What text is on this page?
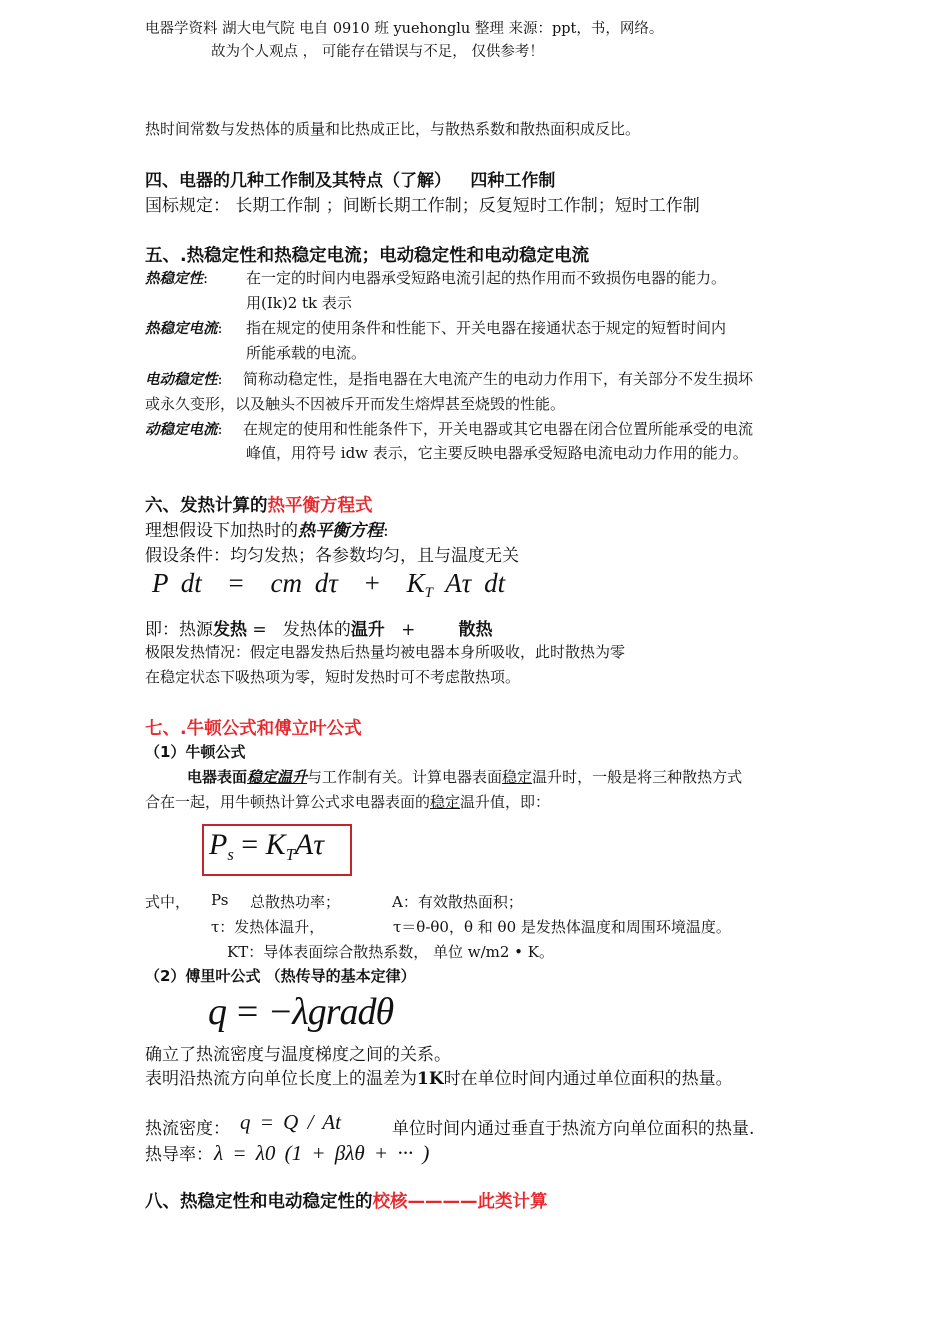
电器学资料 湖大电气院 电自 0910 班 yuehonglu 整理 来源：ppt，书，网络。
故为个人观点 ， 可能存在错误与不足， 仅供参考！
热时间常数与发热体的质量和比热成正比，与散热系数和散热面积成反比。
四、电器的几种工作制及其特点（了解） 四种工作制
国标规定： 长期工作制 ；间断长期工作制；反复短时工作制；短时工作制
五、.热稳定性和热稳定电流；电动稳定性和电动稳定电流
热稳定性:	在一定的时间内电器承受短路电流引起的热作用而不致损伤电器的能力。
用(Ik)2 tk 表示
热稳定电流: 指在规定的使用条件和性能下、开关电器在接通状态于规定的短暂时间内
所能承载的电流。
电动稳定性: 简称动稳定性，是指电器在大电流产生的电动力作用下，有关部分不发生损坏
或永久变形，以及触头不因被斥开而发生熔焊甚至烧毁的性能。
动稳定电流: 在规定的使用和性能条件下，开关电器或其它电器在闭合位置所能承受的电流
峰值，用符号 idw 表示，它主要反映电器承受短路电流电动力作用的能力。
六、发热计算的热平衡方程式
理想假设下加热时的热平衡方程:
假设条件：均匀发热；各参数均匀，且与温度无关
P dt = cm $d\tau + K_T$ Aτ dt
即：热源发热 =   发热体的温升   +        散热
极限发热情况：假定电器发热后热量均被电器本身所吸收，此时散热为零
在稳定状态下吸热项为零，短时发热时可不考虑散热项。
七、.牛顿公式和傅立叶公式
（1）牛顿公式
电器表面稳定温升与工作制有关。计算电器表面稳定温升时，一般是将三种散热方式
合在一起，用牛顿热计算公式求电器表面的稳定温升值，即：
$P_s = K_TA\tau$
式中， Ps 总散热功率；	A：有效散热面积；
τ：发热体温升，	τ＝θ-θ0，θ 和 θ0 是发热体温度和周围环境温度。
KT：导体表面综合散热系数， 单位 w/m2 • K。
（2）傅里叶公式 （热传导的基本定律）
q = −λgradθ
确立了热流密度与温度梯度之间的关系。
表明沿热流方向单位长度上的温差为1K时在单位时间内通过单位面积的热量。
热流密度： q = Q / At	单位时间内通过垂直于热流方向单位面积的热量.
热导率： λ = λ0 (1 + βλθ + ··· )
八、热稳定性和电动稳定性的校核————此类计算
